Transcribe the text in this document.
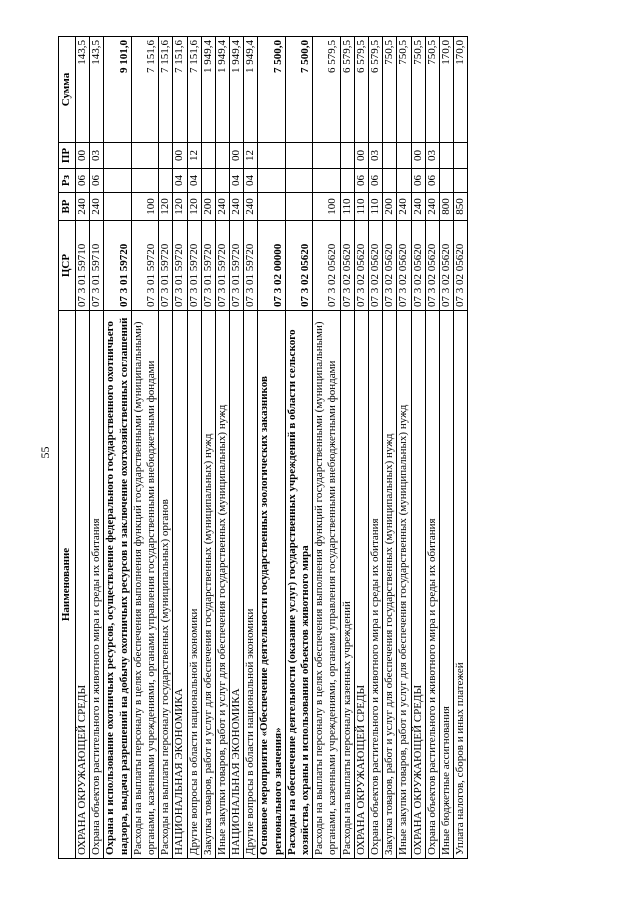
55
Наименование	ЦСР	ВР	Рз	ПР	Сумма
ОХРАНА ОКРУЖАЮЩЕЙ СРЕДЫ	07 3 01 59710	240	06	00	143,5
Охрана объектов растительного и животного мира и среды их обитания	07 3 01 59710	240	06	03	143,5
Охрана и использование охотничьих ресурсов, осуществление федерального государственного охотничьего надзора, выдача разрешений на добычу охотничьих ресурсов и заключение охотхозяйственных соглашений	07 3 01 59720				9 101,0
Расходы на выплаты персоналу в целях обеспечения выполнения функций государственными (муниципальными) органами, казенными учреждениями, органами управления государственными внебюджетными фондами	07 3 01 59720	100			7 151,6
Расходы на выплаты персоналу государственных (муниципальных) органов	07 3 01 59720	120			7 151,6
НАЦИОНАЛЬНАЯ ЭКОНОМИКА	07 3 01 59720	120	04	00	7 151,6
Другие вопросы в области национальной экономики	07 3 01 59720	120	04	12	7 151,6
Закупка товаров, работ и услуг для обеспечения государственных (муниципальных) нужд	07 3 01 59720	200			1 949,4
Иные закупки товаров, работ и услуг для обеспечения государственных (муниципальных) нужд	07 3 01 59720	240			1 949,4
НАЦИОНАЛЬНАЯ ЭКОНОМИКА	07 3 01 59720	240	04	00	1 949,4
Другие вопросы в области национальной экономики	07 3 01 59720	240	04	12	1 949,4
Основное мероприятие «Обеспечение деятельности государственных зоологических заказников регионального значения»	07 3 02 00000				7 500,0
Расходы на обеспечение деятельности (оказание услуг) государственных учреждений в области сельского хозяйства, охраны и использования объектов животного мира	07 3 02 05620				7 500,0
Расходы на выплаты персоналу в целях обеспечения выполнения функций государственными (муниципальными) органами, казенными учреждениями, органами управления государственными внебюджетными фондами	07 3 02 05620	100			6 579,5
Расходы на выплаты персоналу казенных учреждений	07 3 02 05620	110			6 579,5
ОХРАНА ОКРУЖАЮЩЕЙ СРЕДЫ	07 3 02 05620	110	06	00	6 579,5
Охрана объектов растительного и животного мира и среды их обитания	07 3 02 05620	110	06	03	6 579,5
Закупка товаров, работ и услуг для обеспечения государственных (муниципальных) нужд	07 3 02 05620	200			750,5
Иные закупки товаров, работ и услуг для обеспечения государственных (муниципальных) нужд	07 3 02 05620	240			750,5
ОХРАНА ОКРУЖАЮЩЕЙ СРЕДЫ	07 3 02 05620	240	06	00	750,5
Охрана объектов растительного и животного мира и среды их обитания	07 3 02 05620	240	06	03	750,5
Иные бюджетные ассигнования	07 3 02 05620	800			170,0
Уплата налогов, сборов и иных платежей	07 3 02 05620	850			170,0
